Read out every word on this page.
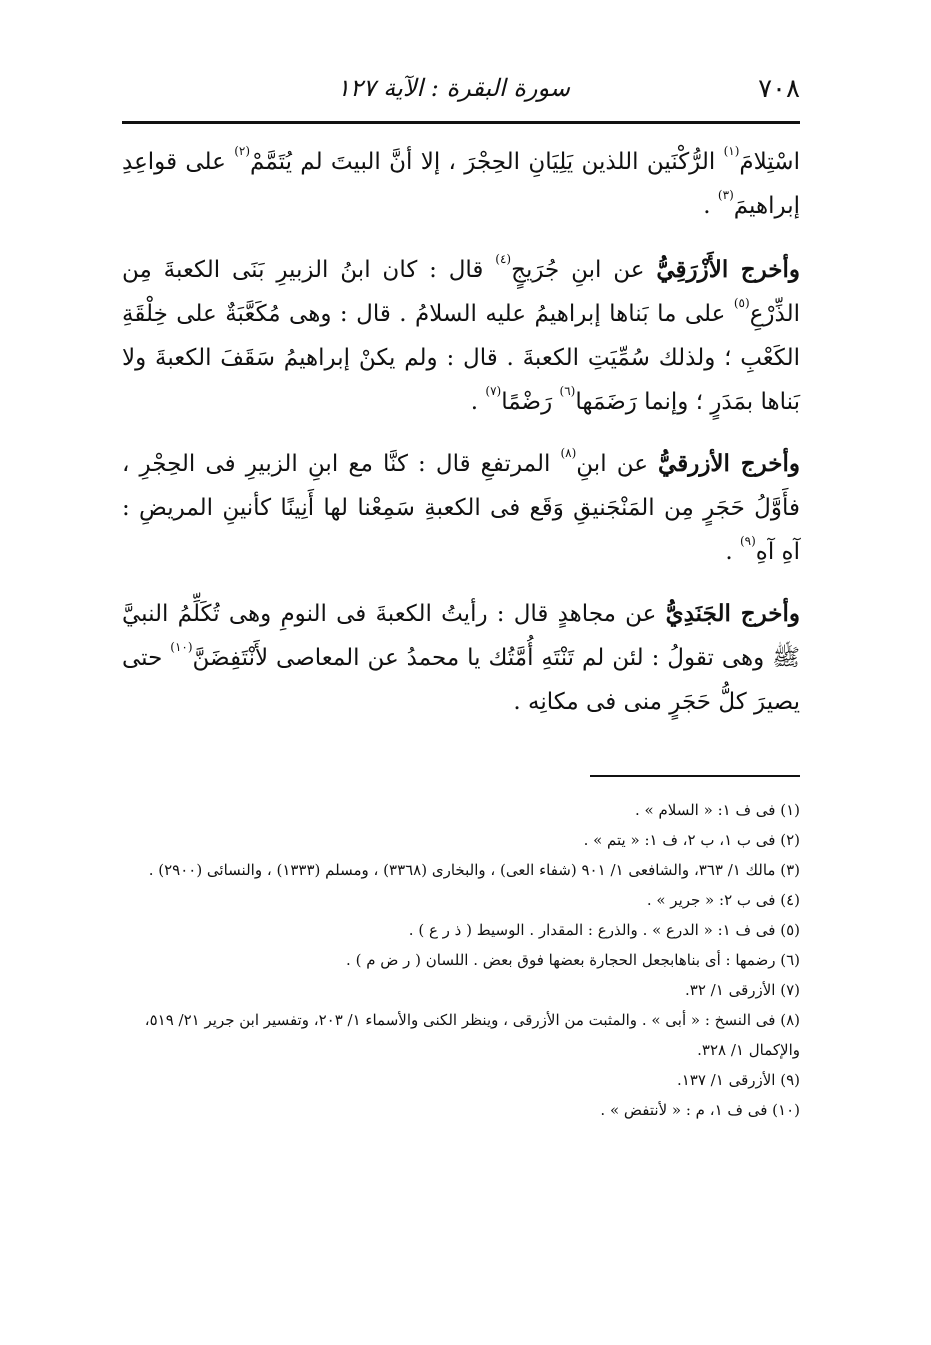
٧٠٨
سورة البقرة : الآية ١٢٧

اسْتِلامَ$^{(١)}$ الرُّكْنَين اللذين يَلِيَانِ الحِجْرَ ، إلا أنَّ البيتَ لم يُتَمَّمْ$^{(٢)}$ على قواعِدِ إبراهيمَ$^{(٣)}$ .

وأخرج الأَزْرَقِيُّ عن ابنِ جُرَيجٍ$^{(٤)}$ قال : كان ابنُ الزبيرِ بَنَى الكعبةَ مِن الذِّرْعِ$^{(٥)}$ على ما بَناها إبراهيمُ عليه السلامُ . قال : وهى مُكَعَّبَةٌ على خِلْقَةِ الكَعْبِ ؛ ولذلك سُمِّيَتِ الكعبةَ . قال : ولم يكنْ إبراهيمُ سَقَفَ الكعبةَ ولا بَناها بمَدَرٍ ؛ وإنما رَضَمَها$^{(٦)}$ رَضْمًا$^{(٧)}$ .

وأخرج الأزرقيُّ عن ابنِ$^{(٨)}$ المرتفعِ قال : كنَّا مع ابنِ الزبيرِ فى الحِجْرِ ، فأَوَّلُ حَجَرٍ مِن المَنْجَنيقِ وَقَع فى الكعبةِ سَمِعْنا لها أَنِينًا كأنينِ المريضِ : آهِ آهِ$^{(٩)}$ .

وأخرج الجَنَدِيُّ عن مجاهدٍ قال : رأيتُ الكعبةَ فى النومِ وهى تُكَلِّمُ النبيَّ ﷺ وهى تقولُ : لئن لم تَنْتَهِ أُمَّتُك يا محمدُ عن المعاصى لأَنْتَفِضَنَّ$^{(١٠)}$ حتى يصيرَ كلُّ حَجَرٍ منى فى مكانِه .

(١) فى ف ١: « السلام » .

(٢) فى ب ١، ب ٢، ف ١: « يتم » .

(٣) مالك ١/ ٣٦٣، والشافعى ١/ ٩٠١ (شفاء العى) ، والبخارى (٣٣٦٨) ، ومسلم (١٣٣٣) ، والنسائى (٢٩٠٠) .

(٤) فى ب ٢: « جرير » .

(٥) فى ف ١: « الدرع » . والذرع : المقدار . الوسيط ( ذ ر ع ) .

(٦) رضمها : أى بناهابجعل الحجارة بعضها فوق بعض . اللسان ( ر ض م ) .

(٧) الأزرقى ١/ ٣٢.

(٨) فى النسخ : « أبى » . والمثبت من الأزرقى ، وينظر الكنى والأسماء ١/ ٢٠٣، وتفسير ابن جرير ٢١/ ٥١٩، والإكمال ١/ ٣٢٨.

(٩) الأزرقى ١/ ١٣٧.

(١٠) فى ف ١، م : « لأنتفض » .
